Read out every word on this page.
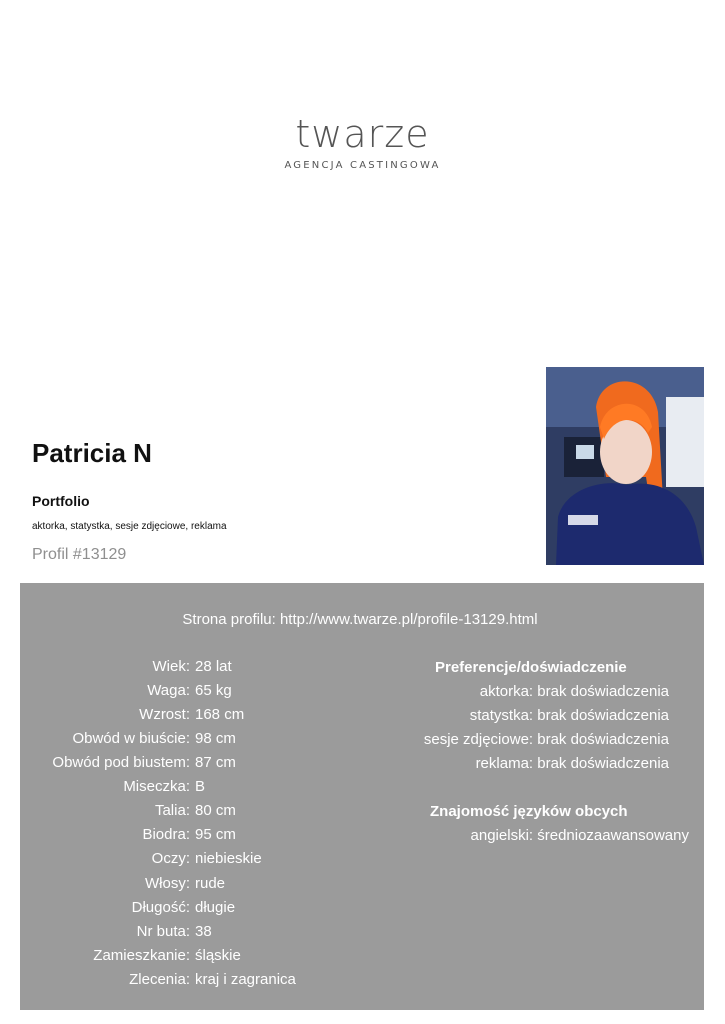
twarze
AGENCJA CASTINGOWA
Patricia N
Portfolio
aktorka, statystka, sesje zdjęciowe, reklama
Profil #13129
Strona profilu: http://www.twarze.pl/profile-13129.html
Wiek: 28 lat
Waga: 65 kg
Wzrost: 168 cm
Obwód w biuście: 98 cm
Obwód pod biustem: 87 cm
Miseczka: B
Talia: 80 cm
Biodra: 95 cm
Oczy: niebieskie
Włosy: rude
Długość: długie
Nr buta: 38
Zamieszkanie: śląskie
Zlecenia: kraj i zagranica
Preferencje/doświadczenie
aktorka: brak doświadczenia
statystka: brak doświadczenia
sesje zdjęciowe: brak doświadczenia
reklama: brak doświadczenia
Znajomość języków obcych
angielski: średniozaawansowany
